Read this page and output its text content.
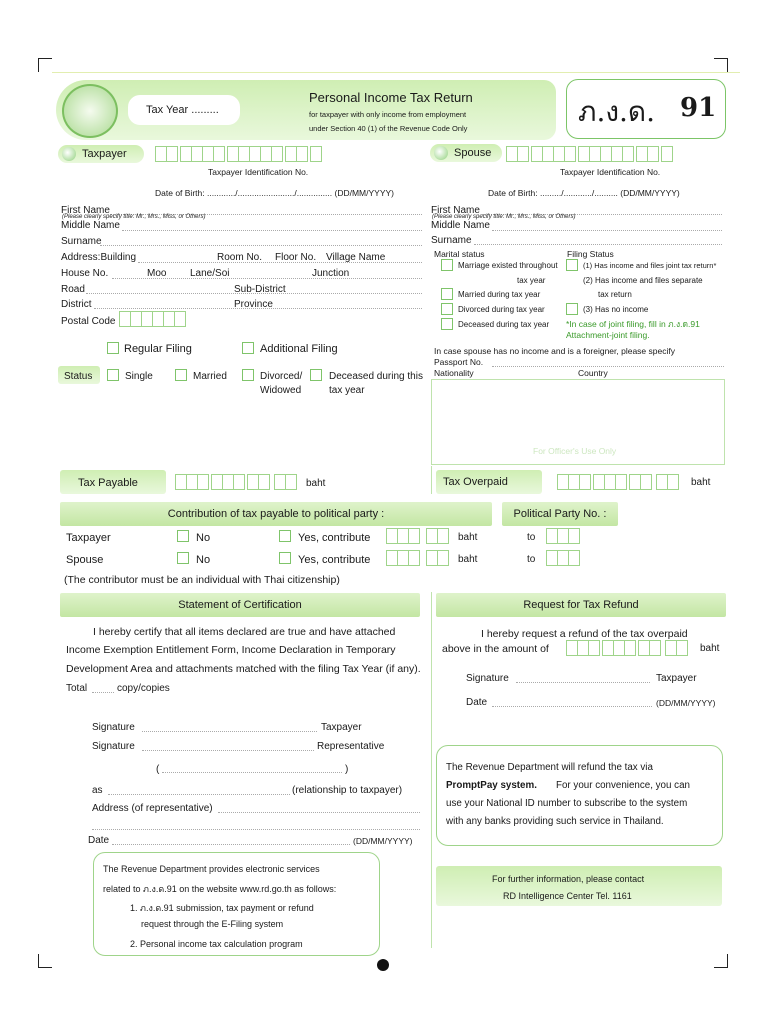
Tax Year .........
Personal Income Tax Return
for taxpayer with only income from employment
under Section 40 (1) of the Revenue Code Only
ภ.ง.ด. 91
Taxpayer
Taxpayer Identification No.
Spouse
Taxpayer Identification No.
Date of Birth: ............/......................../............... (DD/MM/YYYY)
First Name
(Please clearly specify title: Mr., Mrs., Miss, or Others)
Middle Name
Surname
Address:Building	Room No. Floor No. Village Name
House No.	Moo Lane/Soi	Junction
Road	Sub-District
District	Province
Postal Code
Regular Filing	Additional Filing
Status	Single	Married	Divorced/
Widowed
Deceased during this
tax year
Date of Birth: ........./............/.......... (DD/MM/YYYY)
First Name
(Please clearly specify title: Mr., Mrs., Miss, or Others)
Middle Name
Surname
Marital status	Filing Status
Marriage existed throughout
tax year
Married during tax year
Divorced during tax year
Deceased during tax year
(1) Has income and files joint tax return*
(2) Has income and files separate
tax return
(3) Has no income
*In case of joint filing, fill in ภ.ง.ด.91
Attachment-joint filing.
In case spouse has no income and is a foreigner, please specify
Passport No.
Nationality	Country
For Officer's Use Only
Tax Payable	baht	Tax Overpaid	baht
Contribution of tax payable to political party :	Political Party No. :
Taxpayer	No	Yes, contribute	baht	to
Spouse	No	Yes, contribute	baht	to
(The contributor must be an individual with Thai citizenship)
Statement of Certification
I hereby certify that all items declared are true and have attached
Income Exemption Entitlement Form, Income Declaration in Temporary
Development Area and attachments matched with the filing Tax Year (if any).
Total	copy/copies
Signature	Taxpayer
Signature	Representative
(	)
as	(relationship to taxpayer)
Address (of representative)
Date	(DD/MM/YYYY)
The Revenue Department provides electronic services
related to ภ.ง.ด.91 on the website www.rd.go.th as follows:
1. ภ.ง.ด.91 submission, tax payment or refund
request through the E-Filing system
2. Personal income tax calculation program
Request for Tax Refund
I hereby request a refund of the tax overpaid
above in the amount of	baht
Signature	Taxpayer
Date	(DD/MM/YYYY)
The Revenue Department will refund the tax via
PromptPay system. For your convenience, you can
use your National ID number to subscribe to the system
with any banks providing such service in Thailand.
For further information, please contact
RD Intelligence Center Tel. 1161
